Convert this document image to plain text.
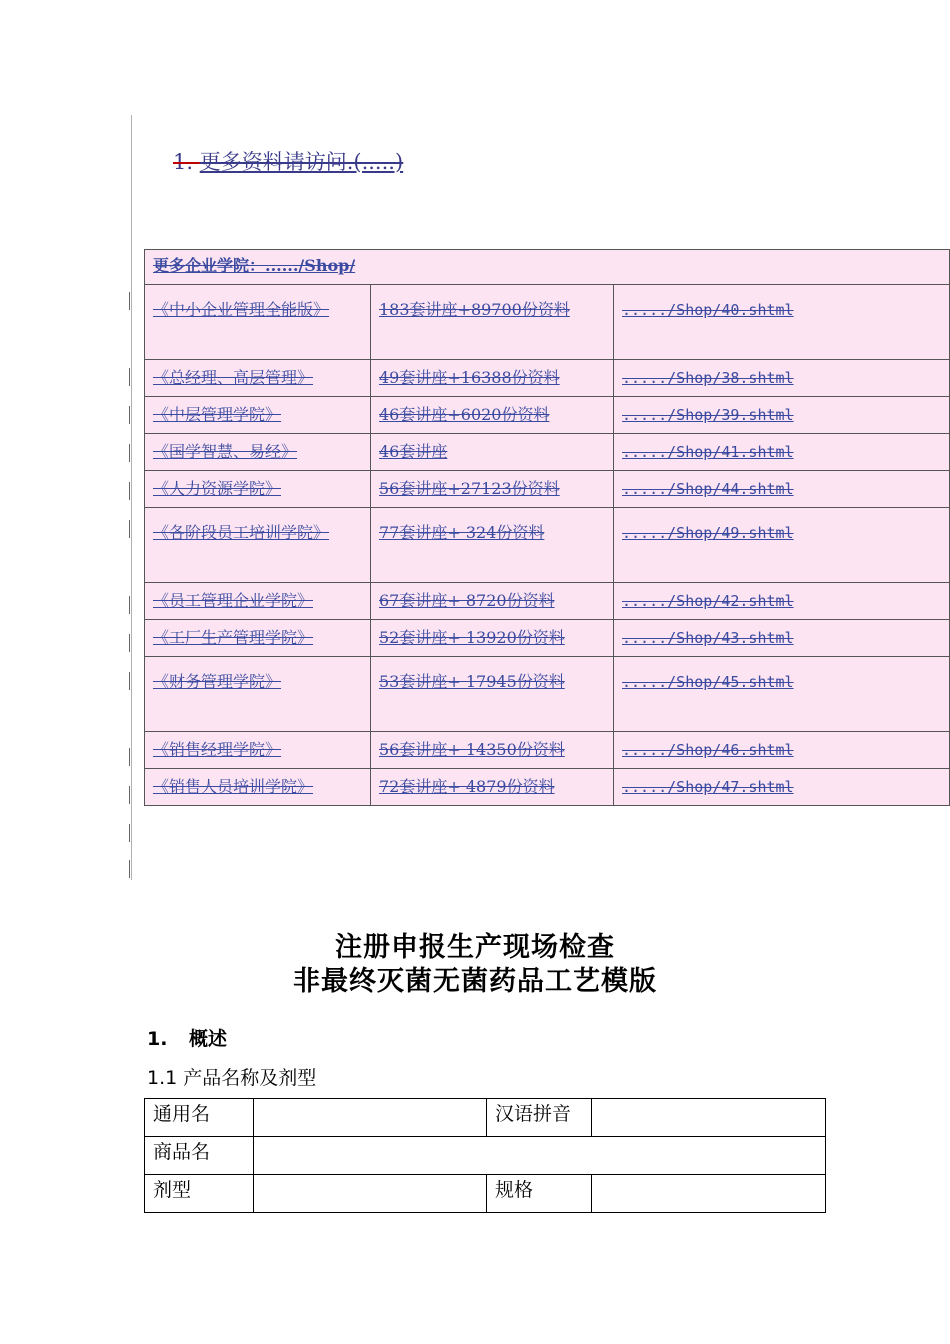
1. 更多资料请访问.(.....)
更多企业学院：....../Shop/		
《中小企业管理全能版》	183套讲座+89700份资料	...../Shop/40.shtml
《总经理、高层管理》	49套讲座+16388份资料	...../Shop/38.shtml
《中层管理学院》	46套讲座+6020份资料	...../Shop/39.shtml
《国学智慧、易经》	46套讲座	...../Shop/41.shtml
《人力资源学院》	56套讲座+27123份资料	...../Shop/44.shtml
《各阶段员工培训学院》	77套讲座+ 324份资料	...../Shop/49.shtml
《员工管理企业学院》	67套讲座+ 8720份资料	...../Shop/42.shtml
《工厂生产管理学院》	52套讲座+ 13920份资料	...../Shop/43.shtml
《财务管理学院》	53套讲座+ 17945份资料	...../Shop/45.shtml
《销售经理学院》	56套讲座+ 14350份资料	...../Shop/46.shtml
《销售人员培训学院》	72套讲座+ 4879份资料	...../Shop/47.shtml
注册申报生产现场检查
非最终灭菌无菌药品工艺模版
1. 概述
1.1 产品名称及剂型
通用名		汉语拼音	
商品名			
剂型		规格	
